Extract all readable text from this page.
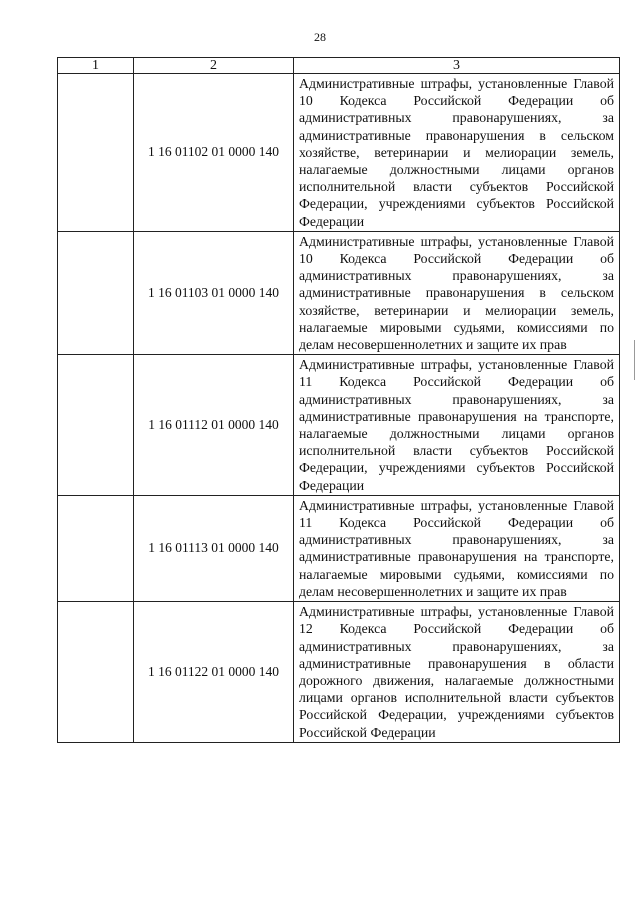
28
1	2	3
	1 16 01102 01 0000 140	Административные штрафы, установленные Главой 10 Кодекса Российской Федерации об административных правонарушениях, за административные правонарушения в сельском хозяйстве, ветеринарии и мелиорации земель, налагаемые должностными лицами органов исполнительной власти субъектов Российской Федерации, учреждениями субъектов Российской Федерации
	1 16 01103 01 0000 140	Административные штрафы, установленные Главой 10 Кодекса Российской Федерации об административных правонарушениях, за административные правонарушения в сельском хозяйстве, ветеринарии и мелиорации земель, налагаемые мировыми судьями, комиссиями по делам несовершеннолетних и защите их прав
	1 16 01112 01 0000 140	Административные штрафы, установленные Главой 11 Кодекса Российской Федерации об административных правонарушениях, за административные правонарушения на транспорте, налагаемые должностными лицами органов исполнительной власти субъектов Российской Федерации, учреждениями субъектов Российской Федерации
	1 16 01113 01 0000 140	Административные штрафы, установленные Главой 11 Кодекса Российской Федерации об административных правонарушениях, за административные правонарушения на транспорте, налагаемые мировыми судьями, комиссиями по делам несовершеннолетних и защите их прав
	1 16 01122 01 0000 140	Административные штрафы, установленные Главой 12 Кодекса Российской Федерации об административных правонарушениях, за административные правонарушения в области дорожного движения, налагаемые должностными лицами органов исполнительной власти субъектов Российской Федерации, учреждениями субъектов Российской Федерации
